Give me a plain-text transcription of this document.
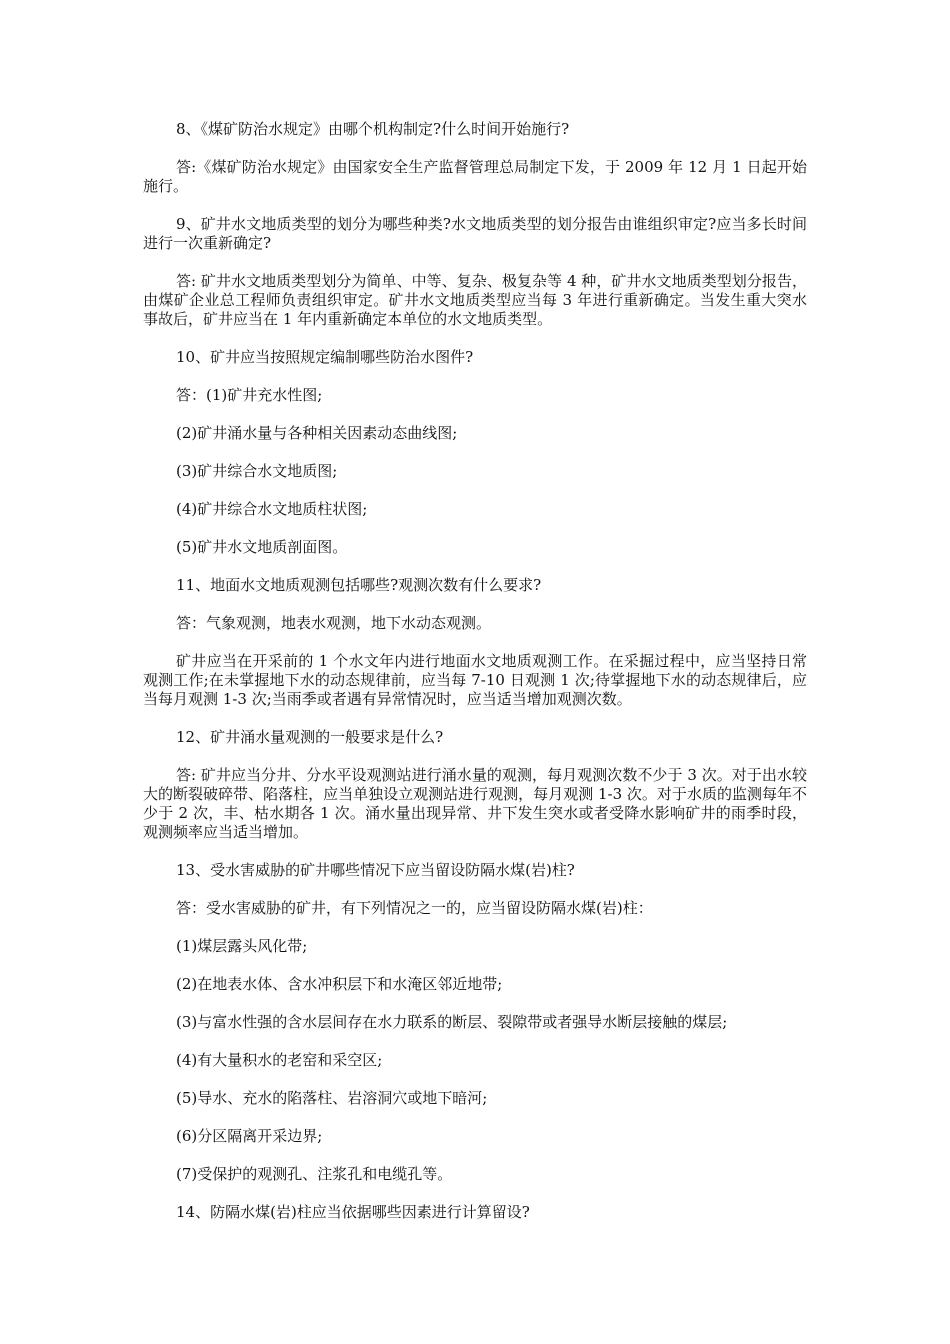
8、《煤矿防治水规定》由哪个机构制定?什么时间开始施行?

答:《煤矿防治水规定》由国家安全生产监督管理总局制定下发，于 2009 年 12 月 1 日起开始施行。

9、矿井水文地质类型的划分为哪些种类?水文地质类型的划分报告由谁组织审定?应当多长时间进行一次重新确定?

答: 矿井水文地质类型划分为简单、中等、复杂、极复杂等 4 种，矿井水文地质类型划分报告，由煤矿企业总工程师负责组织审定。矿井水文地质类型应当每 3 年进行重新确定。当发生重大突水事故后，矿井应当在 1 年内重新确定本单位的水文地质类型。

10、矿井应当按照规定编制哪些防治水图件?

答：(1)矿井充水性图;

(2)矿井涌水量与各种相关因素动态曲线图;

(3)矿井综合水文地质图;

(4)矿井综合水文地质柱状图;

(5)矿井水文地质剖面图。

11、地面水文地质观测包括哪些?观测次数有什么要求?

答：气象观测，地表水观测，地下水动态观测。

矿井应当在开采前的 1 个水文年内进行地面水文地质观测工作。在采掘过程中，应当坚持日常观测工作;在未掌握地下水的动态规律前，应当每 7-10 日观测 1 次;待掌握地下水的动态规律后，应当每月观测 1-3 次;当雨季或者遇有异常情况时，应当适当增加观测次数。

12、矿井涌水量观测的一般要求是什么?

答: 矿井应当分井、分水平设观测站进行涌水量的观测，每月观测次数不少于 3 次。对于出水较大的断裂破碎带、陷落柱，应当单独设立观测站进行观测，每月观测 1-3 次。对于水质的监测每年不少于 2 次，丰、枯水期各 1 次。涌水量出现异常、井下发生突水或者受降水影响矿井的雨季时段，观测频率应当适当增加。

13、受水害威胁的矿井哪些情况下应当留设防隔水煤(岩)柱?

答：受水害威胁的矿井，有下列情况之一的，应当留设防隔水煤(岩)柱：

(1)煤层露头风化带;

(2)在地表水体、含水冲积层下和水淹区邻近地带;

(3)与富水性强的含水层间存在水力联系的断层、裂隙带或者强导水断层接触的煤层;

(4)有大量积水的老窑和采空区;

(5)导水、充水的陷落柱、岩溶洞穴或地下暗河;

(6)分区隔离开采边界;

(7)受保护的观测孔、注浆孔和电缆孔等。

14、防隔水煤(岩)柱应当依据哪些因素进行计算留设?
